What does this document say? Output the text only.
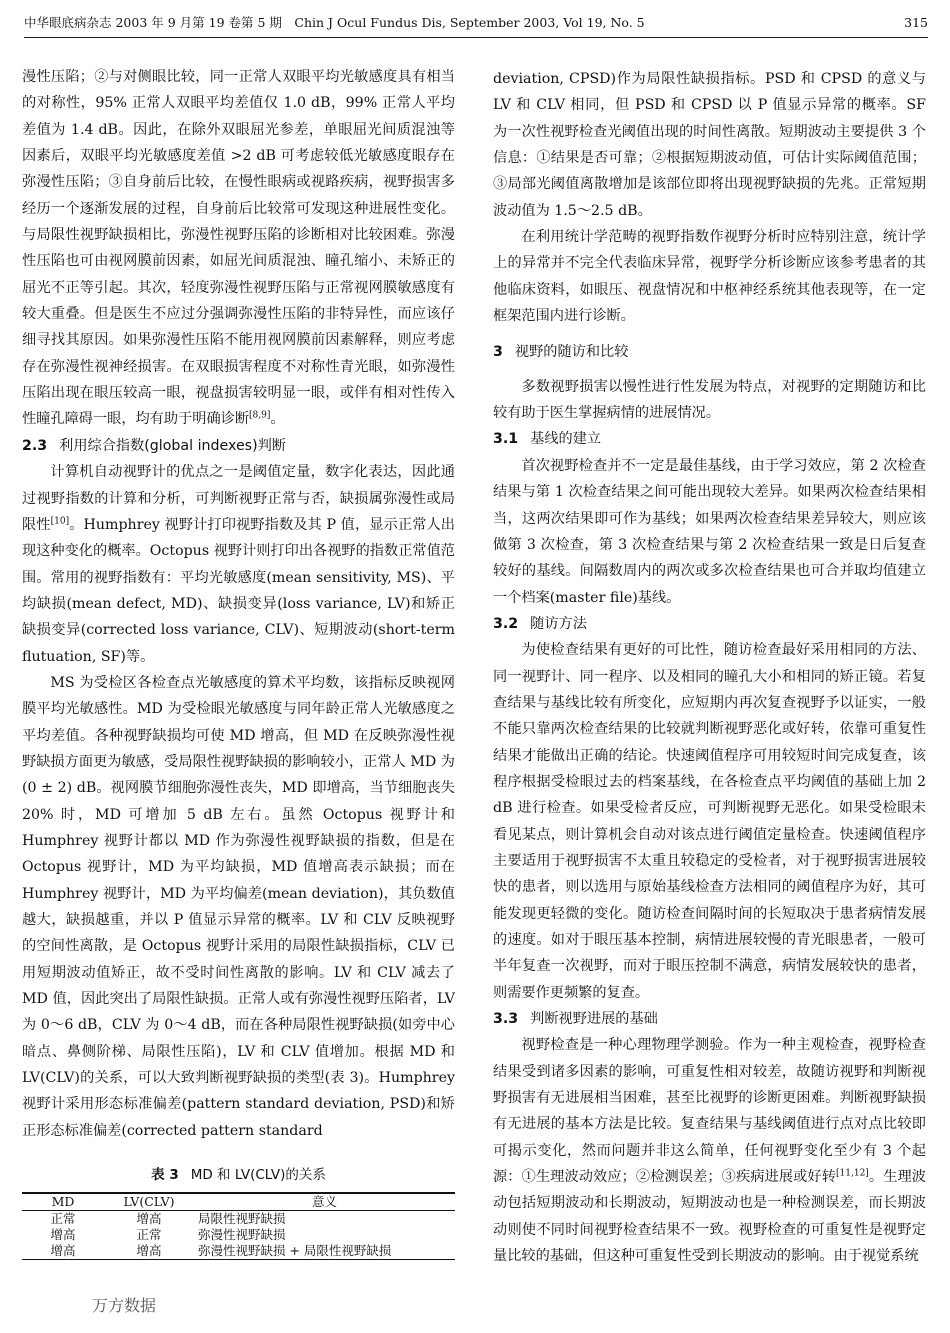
中华眼底病杂志 2003 年 9 月第 19 卷第 5 期　Chin J Ocul Fundus Dis, September 2003, Vol 19, No. 5	315

漫性压陷；②与对侧眼比较，同一正常人双眼平均光敏感度具有相当的对称性，95% 正常人双眼平均差值仅 1.0 dB，99% 正常人平均差值为 1.4 dB。因此，在除外双眼屈光参差，单眼屈光间质混浊等因素后，双眼平均光敏感度差值 >2 dB 可考虑较低光敏感度眼存在弥漫性压陷；③自身前后比较，在慢性眼病或视路疾病，视野损害多经历一个逐渐发展的过程，自身前后比较常可发现这种进展性变化。与局限性视野缺损相比，弥漫性视野压陷的诊断相对比较困难。弥漫性压陷也可由视网膜前因素，如屈光间质混浊、瞳孔缩小、未矫正的屈光不正等引起。其次，轻度弥漫性视野压陷与正常视网膜敏感度有较大重叠。但是医生不应过分强调弥漫性压陷的非特异性，而应该仔细寻找其原因。如果弥漫性压陷不能用视网膜前因素解释，则应考虑存在弥漫性视神经损害。在双眼损害程度不对称性青光眼，如弥漫性压陷出现在眼压较高一眼，视盘损害较明显一眼，或伴有相对性传入性瞳孔障碍一眼，均有助于明确诊断[8,9]。

2.3 利用综合指数(global indexes)判断

计算机自动视野计的优点之一是阈值定量，数字化表达，因此通过视野指数的计算和分析，可判断视野正常与否，缺损属弥漫性或局限性[10]。Humphrey 视野计打印视野指数及其 P 值，显示正常人出现这种变化的概率。Octopus 视野计则打印出各视野的指数正常值范围。常用的视野指数有：平均光敏感度(mean sensitivity, MS)、平均缺损(mean defect, MD)、缺损变异(loss variance, LV)和矫正缺损变异(corrected loss variance, CLV)、短期波动(short-term flutuation, SF)等。

MS 为受检区各检查点光敏感度的算术平均数，该指标反映视网膜平均光敏感性。MD 为受检眼光敏感度与同年龄正常人光敏感度之平均差值。各种视野缺损均可使 MD 增高，但 MD 在反映弥漫性视野缺损方面更为敏感，受局限性视野缺损的影响较小，正常人 MD 为(0 ± 2) dB。视网膜节细胞弥漫性丧失，MD 即增高，当节细胞丧失 20% 时，MD 可增加 5 dB 左右。虽然 Octopus 视野计和 Humphrey 视野计都以 MD 作为弥漫性视野缺损的指数，但是在 Octopus 视野计，MD 为平均缺损，MD 值增高表示缺损；而在 Humphrey 视野计，MD 为平均偏差(mean deviation)，其负数值越大，缺损越重，并以 P 值显示异常的概率。LV 和 CLV 反映视野的空间性离散，是 Octopus 视野计采用的局限性缺损指标，CLV 已用短期波动值矫正，故不受时间性离散的影响。LV 和 CLV 减去了 MD 值，因此突出了局限性缺损。正常人或有弥漫性视野压陷者，LV 为 0～6 dB，CLV 为 0～4 dB，而在各种局限性视野缺损(如旁中心暗点、鼻侧阶梯、局限性压陷)，LV 和 CLV 值增加。根据 MD 和 LV(CLV)的关系，可以大致判断视野缺损的类型(表 3)。Humphrey 视野计采用形态标准偏差(pattern standard deviation, PSD)和矫正形态标准偏差(corrected pattern standard

表 3 MD 和 LV(CLV)的关系
MD	LV(CLV)	意义
正常	增高	局限性视野缺损
增高	正常	弥漫性视野缺损
增高	增高	弥漫性视野缺损 + 局限性视野缺损

deviation, CPSD)作为局限性缺损指标。PSD 和 CPSD 的意义与 LV 和 CLV 相同，但 PSD 和 CPSD 以 P 值显示异常的概率。SF 为一次性视野检查光阈值出现的时间性离散。短期波动主要提供 3 个信息：①结果是否可靠；②根据短期波动值，可估计实际阈值范围；③局部光阈值离散增加是该部位即将出现视野缺损的先兆。正常短期波动值为 1.5～2.5 dB。

在利用统计学范畴的视野指数作视野分析时应特别注意，统计学上的异常并不完全代表临床异常，视野学分析诊断应该参考患者的其他临床资料，如眼压、视盘情况和中枢神经系统其他表现等，在一定框架范围内进行诊断。

3 视野的随访和比较

多数视野损害以慢性进行性发展为特点，对视野的定期随访和比较有助于医生掌握病情的进展情况。

3.1 基线的建立

首次视野检查并不一定是最佳基线，由于学习效应，第 2 次检查结果与第 1 次检查结果之间可能出现较大差异。如果两次检查结果相当，这两次结果即可作为基线；如果两次检查结果差异较大，则应该做第 3 次检查，第 3 次检查结果与第 2 次检查结果一致是日后复查较好的基线。间隔数周内的两次或多次检查结果也可合并取均值建立一个档案(master file)基线。

3.2 随访方法

为使检查结果有更好的可比性，随访检查最好采用相同的方法、同一视野计、同一程序、以及相同的瞳孔大小和相同的矫正镜。若复查结果与基线比较有所变化，应短期内再次复查视野予以证实，一般不能只靠两次检查结果的比较就判断视野恶化或好转，依靠可重复性结果才能做出正确的结论。快速阈值程序可用较短时间完成复查，该程序根据受检眼过去的档案基线，在各检查点平均阈值的基础上加 2 dB 进行检查。如果受检者反应，可判断视野无恶化。如果受检眼未看见某点，则计算机会自动对该点进行阈值定量检查。快速阈值程序主要适用于视野损害不太重且较稳定的受检者，对于视野损害进展较快的患者，则以选用与原始基线检查方法相同的阈值程序为好，其可能发现更轻微的变化。随访检查间隔时间的长短取决于患者病情发展的速度。如对于眼压基本控制，病情进展较慢的青光眼患者，一般可半年复查一次视野，而对于眼压控制不满意，病情发展较快的患者，则需要作更频繁的复查。

3.3 判断视野进展的基础

视野检查是一种心理物理学测验。作为一种主观检查，视野检查结果受到诸多因素的影响，可重复性相对较差，故随访视野和判断视野损害有无进展相当困难，甚至比视野的诊断更困难。判断视野缺损有无进展的基本方法是比较。复查结果与基线阈值进行点对点比较即可揭示变化，然而问题并非这么简单，任何视野变化至少有 3 个起源：①生理波动效应；②检测误差；③疾病进展或好转[11,12]。生理波动包括短期波动和长期波动，短期波动也是一种检测误差，而长期波动则使不同时间视野检查结果不一致。视野检查的可重复性是视野定量比较的基础，但这种可重复性受到长期波动的影响。由于视觉系统

万方数据
